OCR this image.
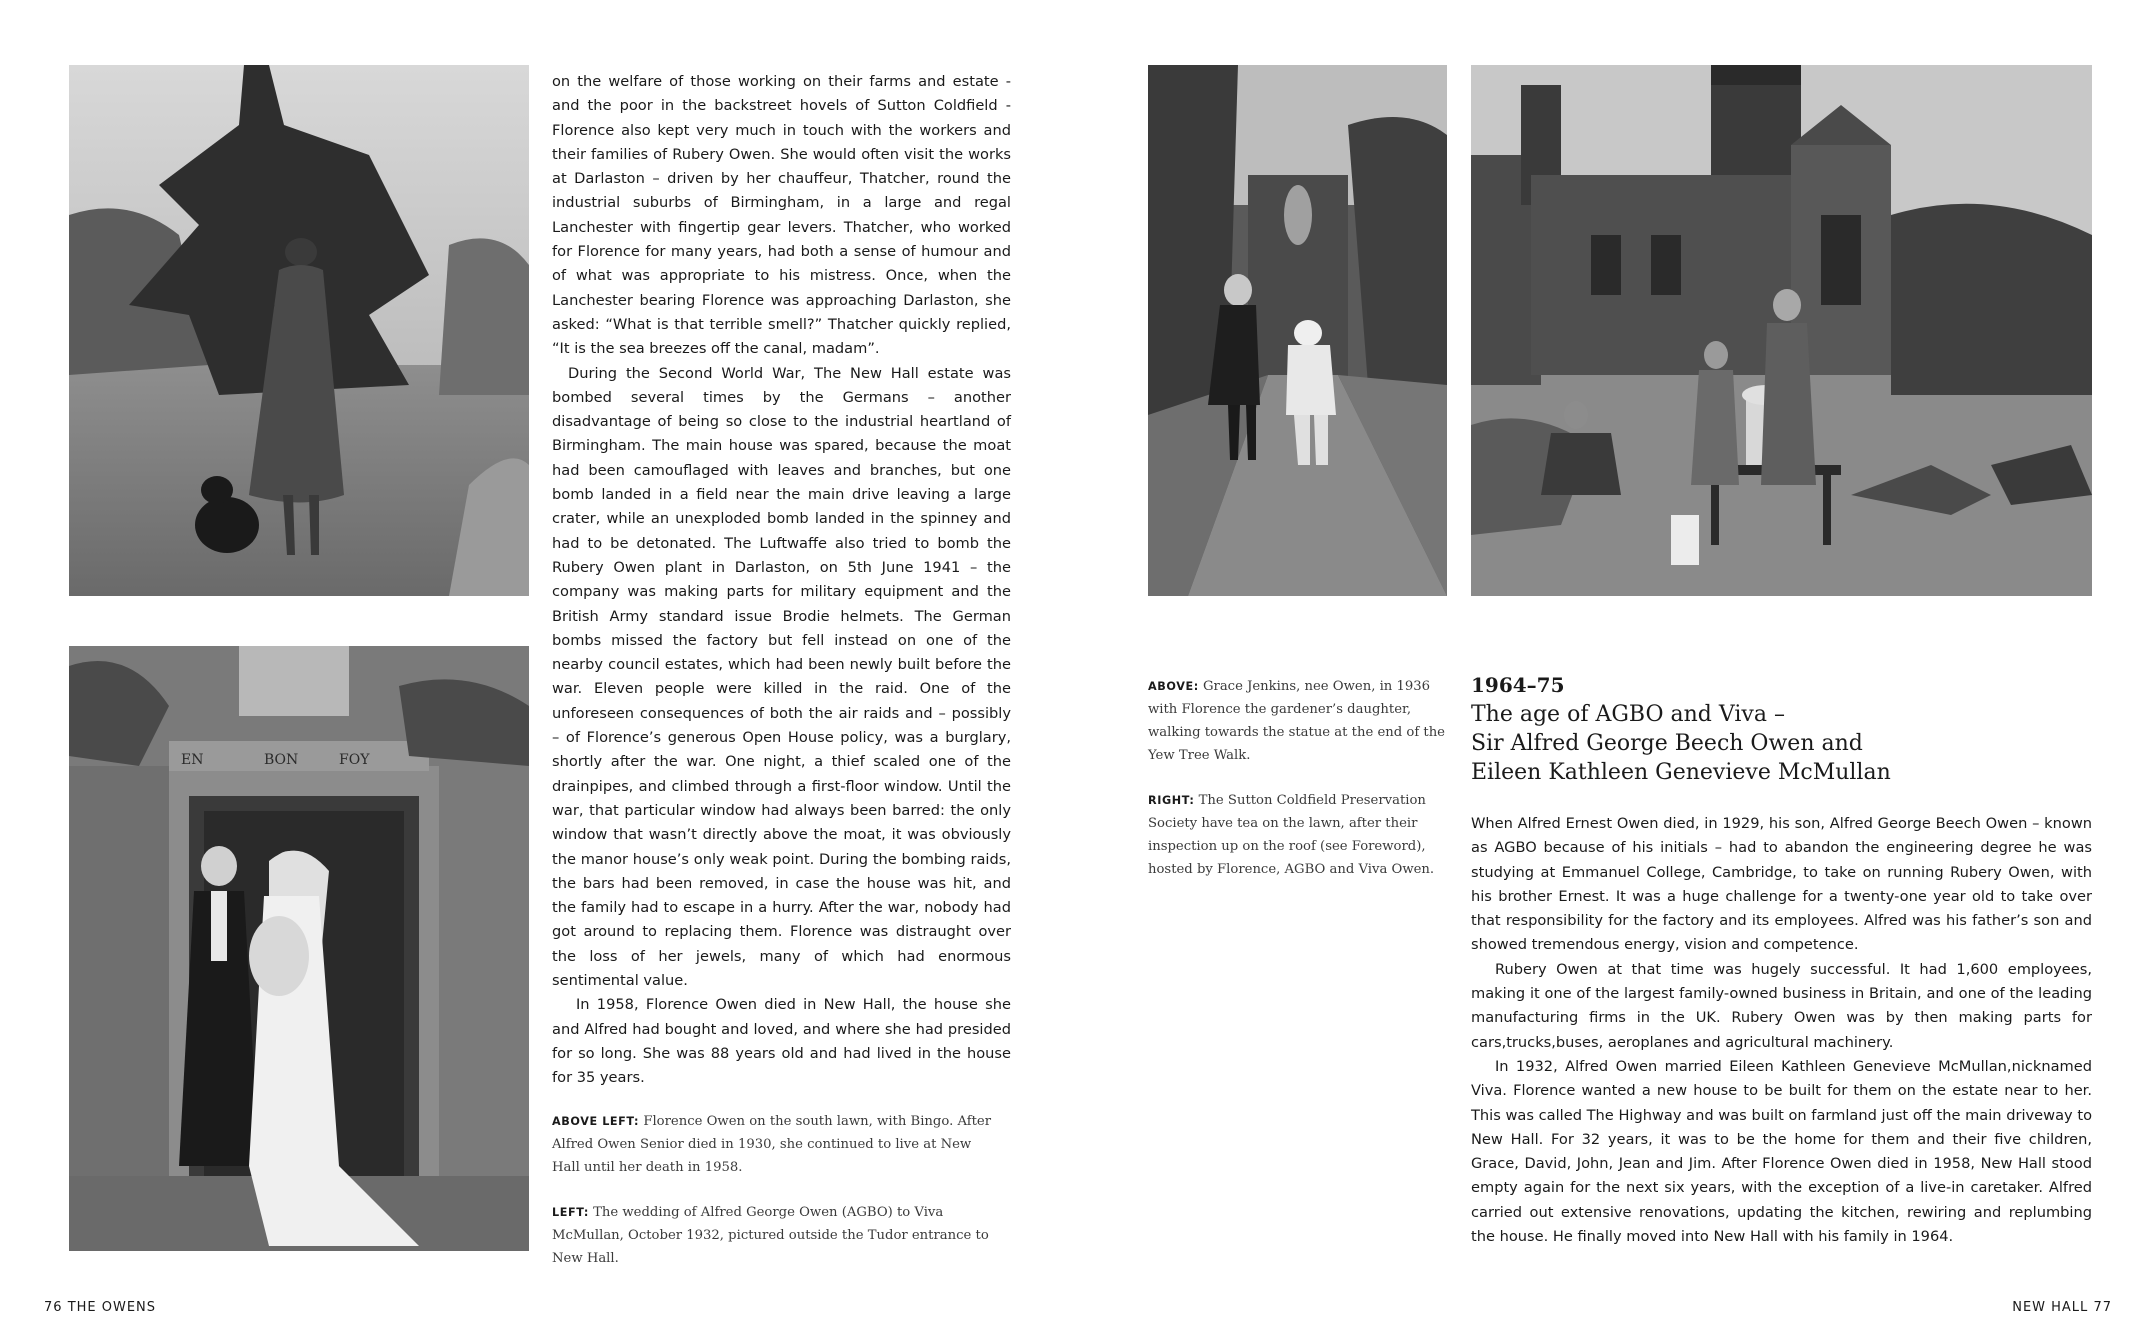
EN	BON	FOY

on the welfare of those working on their farms and estate - and the poor in the backstreet hovels of Sutton Coldfield - Florence also kept very much in touch with the workers and their families of Rubery Owen. She would often visit the works at Darlaston – driven by her chauffeur, Thatcher, round the industrial suburbs of Birmingham, in a large and regal Lanchester with fingertip gear levers. Thatcher, who worked for Florence for many years, had both a sense of humour and of what was appropriate to his mistress. Once, when the Lanchester bearing Florence was approaching Darlaston, she asked: “What is that terrible smell?” Thatcher quickly replied, “It is the sea breezes off the canal, madam”.

During the Second World War, The New Hall estate was bombed several times by the Germans – another disadvantage of being so close to the industrial heartland of Birmingham. The main house was spared, because the moat had been camouflaged with leaves and branches, but one bomb landed in a field near the main drive leaving a large crater, while an unexploded bomb landed in the spinney and had to be detonated. The Luftwaffe also tried to bomb the Rubery Owen plant in Darlaston, on 5th June 1941 – the company was making parts for military equipment and the British Army standard issue Brodie helmets. The German bombs missed the factory but fell instead on one of the nearby council estates, which had been newly built before the war. Eleven people were killed in the raid. One of the unforeseen consequences of both the air raids and – possibly – of Florence’s generous Open House policy, was a burglary, shortly after the war. One night, a thief scaled one of the drainpipes, and climbed through a first-floor window. Until the war, that particular window had always been barred: the only window that wasn’t directly above the moat, it was obviously the manor house’s only weak point. During the bombing raids, the bars had been removed, in case the house was hit, and the family had to escape in a hurry. After the war, nobody had got around to replacing them. Florence was distraught over the loss of her jewels, many of which had enormous sentimental value.

In 1958, Florence Owen died in New Hall, the house she and Alfred had bought and loved, and where she had presided for so long. She was 88 years old and had lived in the house for 35 years.

ABOVE LEFT: Florence Owen on the south lawn, with Bingo. After Alfred Owen Senior died in 1930, she continued to live at New Hall until her death in 1958.

LEFT: The wedding of Alfred George Owen (AGBO) to Viva McMullan, October 1932, pictured outside the Tudor entrance to New Hall.

76 THE OWENS

ABOVE: Grace Jenkins, nee Owen, in 1936 with Florence the gardener’s daughter, walking towards the statue at the end of the Yew Tree Walk.

RIGHT: The Sutton Coldfield Preservation Society have tea on the lawn, after their inspection up on the roof (see Foreword), hosted by Florence, AGBO and Viva Owen.

1964–75
The age of AGBO and Viva –
Sir Alfred George Beech Owen and
Eileen Kathleen Genevieve McMullan

When Alfred Ernest Owen died, in 1929, his son, Alfred George Beech Owen – known as AGBO because of his initials – had to abandon the engineering degree he was studying at Emmanuel College, Cambridge, to take on running Rubery Owen, with his brother Ernest. It was a huge challenge for a twenty-one year old to take over that responsibility for the factory and its employees. Alfred was his father’s son and showed tremendous energy, vision and competence.

Rubery Owen at that time was hugely successful. It had 1,600 employees, making it one of the largest family-owned business in Britain, and one of the leading manufacturing firms in the UK. Rubery Owen was by then making parts for cars,trucks,buses, aeroplanes and agricultural machinery.

In 1932, Alfred Owen married Eileen Kathleen Genevieve McMullan,nicknamed Viva. Florence wanted a new house to be built for them on the estate near to her. This was called The Highway and was built on farmland just off the main driveway to New Hall. For 32 years, it was to be the home for them and their five children, Grace, David, John, Jean and Jim. After Florence Owen died in 1958, New Hall stood empty again for the next six years, with the exception of a live-in caretaker. Alfred carried out extensive renovations, updating the kitchen, rewiring and replumbing the house. He finally moved into New Hall with his family in 1964.

NEW HALL 77
